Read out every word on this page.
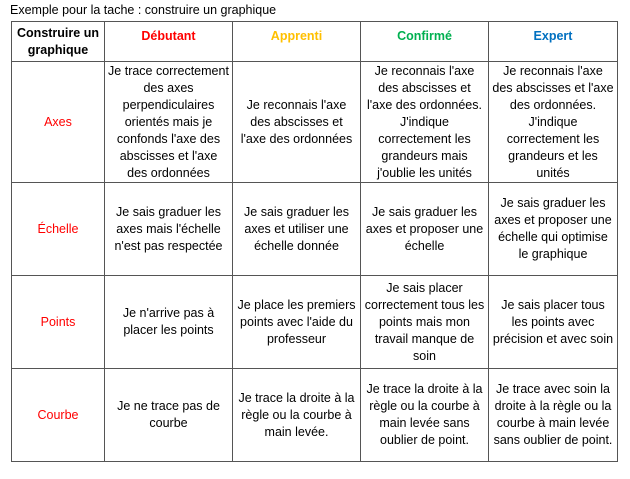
Exemple pour la tache : construire un graphique
Construire un graphique	Débutant	Apprenti	Confirmé	Expert
Axes	Je trace correctement des axes perpendiculaires orientés mais je confonds l'axe des abscisses et l'axe des ordonnées	Je reconnais l'axe des abscisses et l'axe des ordonnées	Je reconnais l'axe des abscisses et l'axe des ordonnées. J'indique correctement les grandeurs mais j'oublie les unités	Je reconnais l'axe des abscisses et l'axe des ordonnées. J'indique correctement les grandeurs et les unités
Échelle	Je sais graduer les axes mais l'échelle n'est pas respectée	Je sais graduer les axes et utiliser une échelle donnée	Je sais graduer les axes et proposer une échelle	Je sais graduer les axes et proposer une échelle qui optimise le graphique
Points	Je n'arrive pas à placer les points	Je place les premiers points avec l'aide du professeur	Je sais placer correctement tous les points mais mon travail manque de soin	Je sais placer tous les points avec précision et avec soin
Courbe	Je ne trace pas de courbe	Je trace la droite à la règle ou la courbe à main levée.	Je trace la droite à la règle ou la courbe à main levée sans oublier de point.	Je trace avec soin la droite à la règle ou la courbe à main levée sans oublier de point.
